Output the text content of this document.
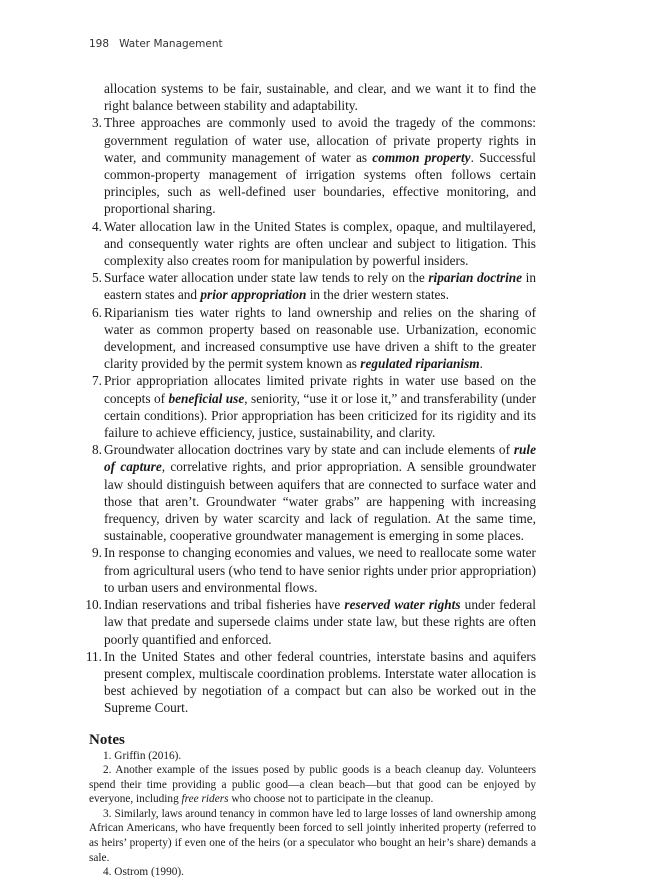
198 Water Management

allocation systems to be fair, sustainable, and clear, and we want it to find the right balance between stability and adaptability.

3. Three approaches are commonly used to avoid the tragedy of the commons: government regulation of water use, allocation of private property rights in water, and community management of water as common property. Successful common-property management of irrigation systems often follows certain principles, such as well-defined user boundaries, effective monitoring, and proportional sharing.
4. Water allocation law in the United States is complex, opaque, and multilayered, and consequently water rights are often unclear and subject to litigation. This complexity also creates room for manipulation by powerful insiders.
5. Surface water allocation under state law tends to rely on the riparian doctrine in eastern states and prior appropriation in the drier western states.
6. Riparianism ties water rights to land ownership and relies on the sharing of water as common property based on reasonable use. Urbanization, economic development, and increased consumptive use have driven a shift to the greater clarity provided by the permit system known as regulated riparianism.
7. Prior appropriation allocates limited private rights in water use based on the concepts of beneficial use, seniority, “use it or lose it,” and transferability (under certain conditions). Prior appropriation has been criticized for its rigidity and its failure to achieve efficiency, justice, sustainability, and clarity.
8. Groundwater allocation doctrines vary by state and can include elements of rule of capture, correlative rights, and prior appropriation. A sensible groundwater law should distinguish between aquifers that are connected to surface water and those that aren’t. Groundwater “water grabs” are happening with increasing frequency, driven by water scarcity and lack of regulation. At the same time, sustainable, cooperative groundwater management is emerging in some places.
9. In response to changing economies and values, we need to reallocate some water from agricultural users (who tend to have senior rights under prior appropriation) to urban users and environmental flows.
10. Indian reservations and tribal fisheries have reserved water rights under federal law that predate and supersede claims under state law, but these rights are often poorly quantified and enforced.
11. In the United States and other federal countries, interstate basins and aquifers present complex, multiscale coordination problems. Interstate water allocation is best achieved by negotiation of a compact but can also be worked out in the Supreme Court.
Notes
1. Griffin (2016).
2. Another example of the issues posed by public goods is a beach cleanup day. Volunteers spend their time providing a public good—a clean beach—but that good can be enjoyed by everyone, including free riders who choose not to participate in the cleanup.
3. Similarly, laws around tenancy in common have led to large losses of land ownership among African Americans, who have frequently been forced to sell jointly inherited property (referred to as heirs’ property) if even one of the heirs (or a speculator who bought an heir’s share) demands a sale.
4. Ostrom (1990).
